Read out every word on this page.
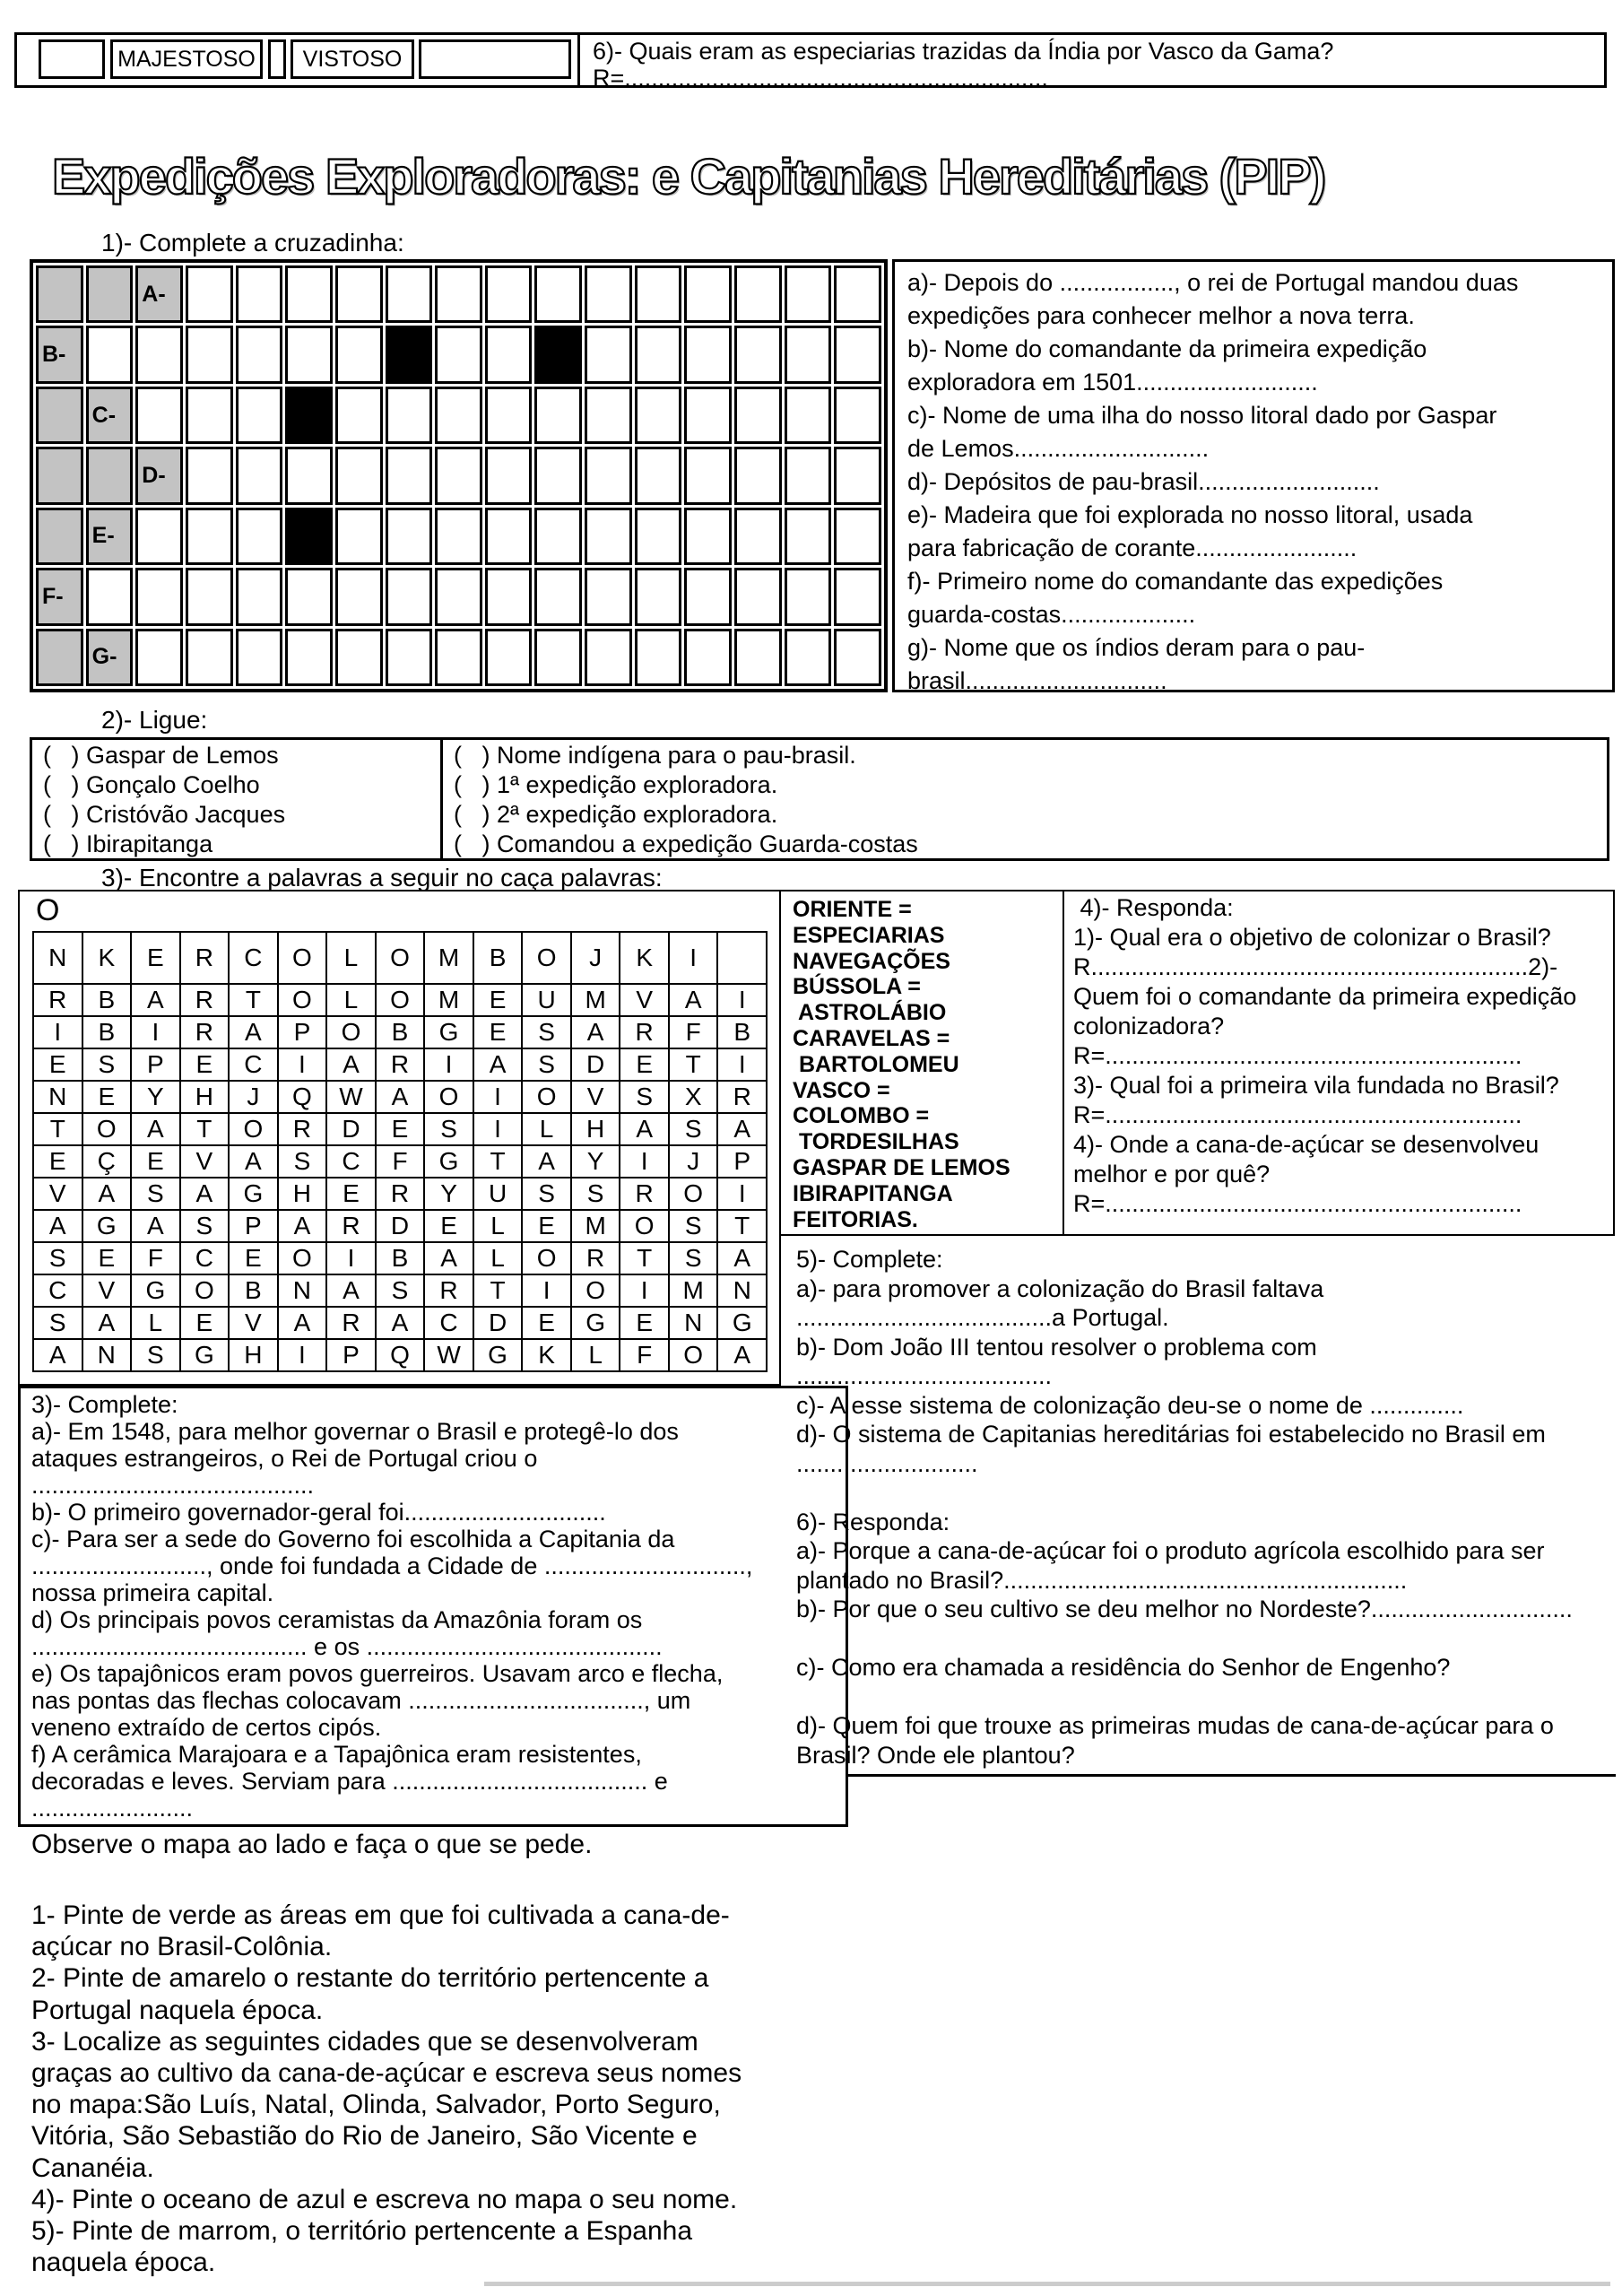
MAJESTOSO	VISTOSO	6)- Quais eram as especiarias trazidas da Índia por Vasco da Gama?
R=...............................................................
Expedições Exploradoras: e Capitanias Hereditárias (PIP)
1)- Complete a cruzadinha:
A-
B-
C-
D-
E-
F-
G-
a)- Depois do ................., o rei de Portugal mandou duas
expedições para conhecer melhor a nova terra.
b)- Nome do comandante da primeira expedição
exploradora em 1501...........................
c)- Nome de uma ilha do nosso litoral dado por Gaspar
de Lemos.............................
d)- Depósitos de pau-brasil...........................
e)- Madeira que foi explorada no nosso litoral, usada
para fabricação de corante........................
f)- Primeiro nome do comandante das expedições
guarda-costas....................
g)- Nome que os índios deram para o pau-
brasil..............................
2)- Ligue:
(   ) Gaspar de Lemos
(   ) Gonçalo Coelho
(   ) Cristóvão Jacques
(   ) Ibirapitanga
(   ) Nome indígena para o pau-brasil.
(   ) 1ª expedição exploradora.
(   ) 2ª expedição exploradora.
(   ) Comandou a expedição Guarda-costas
3)- Encontre a palavras a seguir no caça palavras:
4)- Responda:
1)- Qual era o objetivo de colonizar o Brasil?
R.................................................................2)-
Quem foi o comandante da primeira expedição
colonizadora?
R=..............................................................
3)- Qual foi a primeira vila fundada no Brasil?
R=..............................................................
4)- Onde a cana-de-açúcar se desenvolveu
melhor e por quê?
R=..............................................................
O
N	K	E	R	C	O	L	O	M	B	O	J	K	I
R	B	A	R	T	O	L	O	M	E	U	M	V	A	I
I	B	I	R	A	P	O	B	G	E	S	A	R	F	B
E	S	P	E	C	I	A	R	I	A	S	D	E	T	I
N	E	Y	H	J	Q	W	A	O	I	O	V	S	X	R
T	O	A	T	O	R	D	E	S	I	L	H	A	S	A
E	Ç	E	V	A	S	C	F	G	T	A	Y	I	J	P
V	A	S	A	G	H	E	R	Y	U	S	S	R	O	I
A	G	A	S	P	A	R	D	E	L	E	M	O	S	T
S	E	F	C	E	O	I	B	A	L	O	R	T	S	A
C	V	G	O	B	N	A	S	R	T	I	O	I	M	N
S	A	L	E	V	A	R	A	C	D	E	G	E	N	G
A	N	S	G	H	I	P	Q	W	G	K	L	F	O	A
ORIENTE =
ESPECIARIAS
NAVEGAÇÕES
BÚSSOLA =
ASTROLÁBIO
CARAVELAS =
BARTOLOMEU
VASCO =
COLOMBO =
TORDESILHAS
GASPAR DE LEMOS
IBIRAPITANGA
FEITORIAS.
5)- Complete:
a)- para promover a colonização do Brasil faltava
......................................a Portugal.
b)- Dom João III tentou resolver o problema com
......................................
c)- A esse sistema de colonização deu-se o nome de ..............
d)- O sistema de Capitanias hereditárias foi estabelecido no Brasil em
...........................

6)- Responda:
a)- Porque a cana-de-açúcar foi o produto agrícola escolhido para ser
plantado no Brasil?............................................................
b)- Por que o seu cultivo se deu melhor no Nordeste?..............................

c)- Como era chamada a residência do Senhor de Engenho?

d)- Quem foi que trouxe as primeiras mudas de cana-de-açúcar para o
Brasil? Onde ele plantou?
3)- Complete:
a)- Em 1548, para melhor governar o Brasil e protegê-lo dos
ataques estrangeiros, o Rei de Portugal criou o
..........................................
b)- O primeiro governador-geral foi..............................
c)- Para ser a sede do Governo foi escolhida a Capitania da
.........................., onde foi fundada a Cidade de ..............................,
nossa primeira capital.
d) Os principais povos ceramistas da Amazônia foram os
......................................... e os ............................................
e) Os tapajônicos eram povos guerreiros. Usavam arco e flecha,
nas pontas das flechas colocavam ..................................., um
veneno extraído de certos cipós.
f) A cerâmica Marajoara e a Tapajônica eram resistentes,
decoradas e leves. Serviam para ...................................... e
........................
Observe o mapa ao lado e faça o que se pede.
1- Pinte de verde as áreas em que foi cultivada a cana-de-
açúcar no Brasil-Colônia.
2- Pinte de amarelo o restante do território pertencente a
Portugal naquela época.
3- Localize as seguintes cidades que se desenvolveram
graças ao cultivo da cana-de-açúcar e escreva seus nomes
no mapa:São Luís, Natal, Olinda, Salvador, Porto Seguro,
Vitória, São Sebastião do Rio de Janeiro, São Vicente e
Cananéia.
4)- Pinte o oceano de azul e escreva no mapa o seu nome.
5)- Pinte de marrom, o território pertencente a Espanha
naquela época.
